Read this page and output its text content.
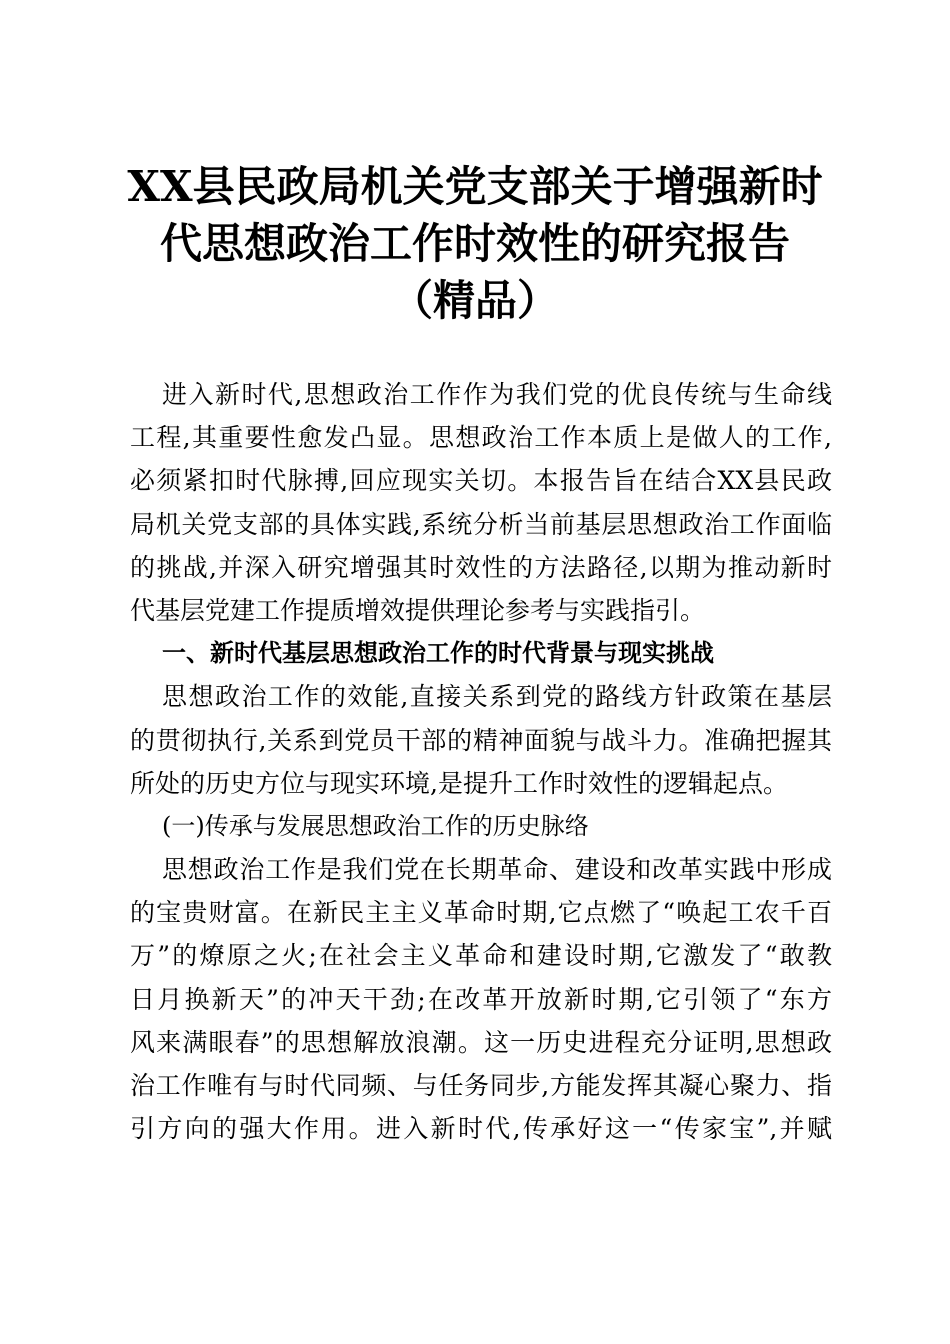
XX县民政局机关党支部关于增强新时
代思想政治工作时效性的研究报告
（精品）
进入新时代,思想政治工作作为我们党的优良传统与生命线
工程,其重要性愈发凸显。思想政治工作本质上是做人的工作,
必须紧扣时代脉搏,回应现实关切。本报告旨在结合XX县民政
局机关党支部的具体实践,系统分析当前基层思想政治工作面临
的挑战,并深入研究增强其时效性的方法路径,以期为推动新时
代基层党建工作提质增效提供理论参考与实践指引。
一、新时代基层思想政治工作的时代背景与现实挑战
思想政治工作的效能,直接关系到党的路线方针政策在基层
的贯彻执行,关系到党员干部的精神面貌与战斗力。准确把握其
所处的历史方位与现实环境,是提升工作时效性的逻辑起点。
(一)传承与发展思想政治工作的历史脉络
思想政治工作是我们党在长期革命、建设和改革实践中形成
的宝贵财富。在新民主主义革命时期,它点燃了“唤起工农千百
万”的燎原之火;在社会主义革命和建设时期,它激发了“敢教
日月换新天”的冲天干劲;在改革开放新时期,它引领了“东方
风来满眼春”的思想解放浪潮。这一历史进程充分证明,思想政
治工作唯有与时代同频、与任务同步,方能发挥其凝心聚力、指
引方向的强大作用。进入新时代,传承好这一“传家宝”,并赋
